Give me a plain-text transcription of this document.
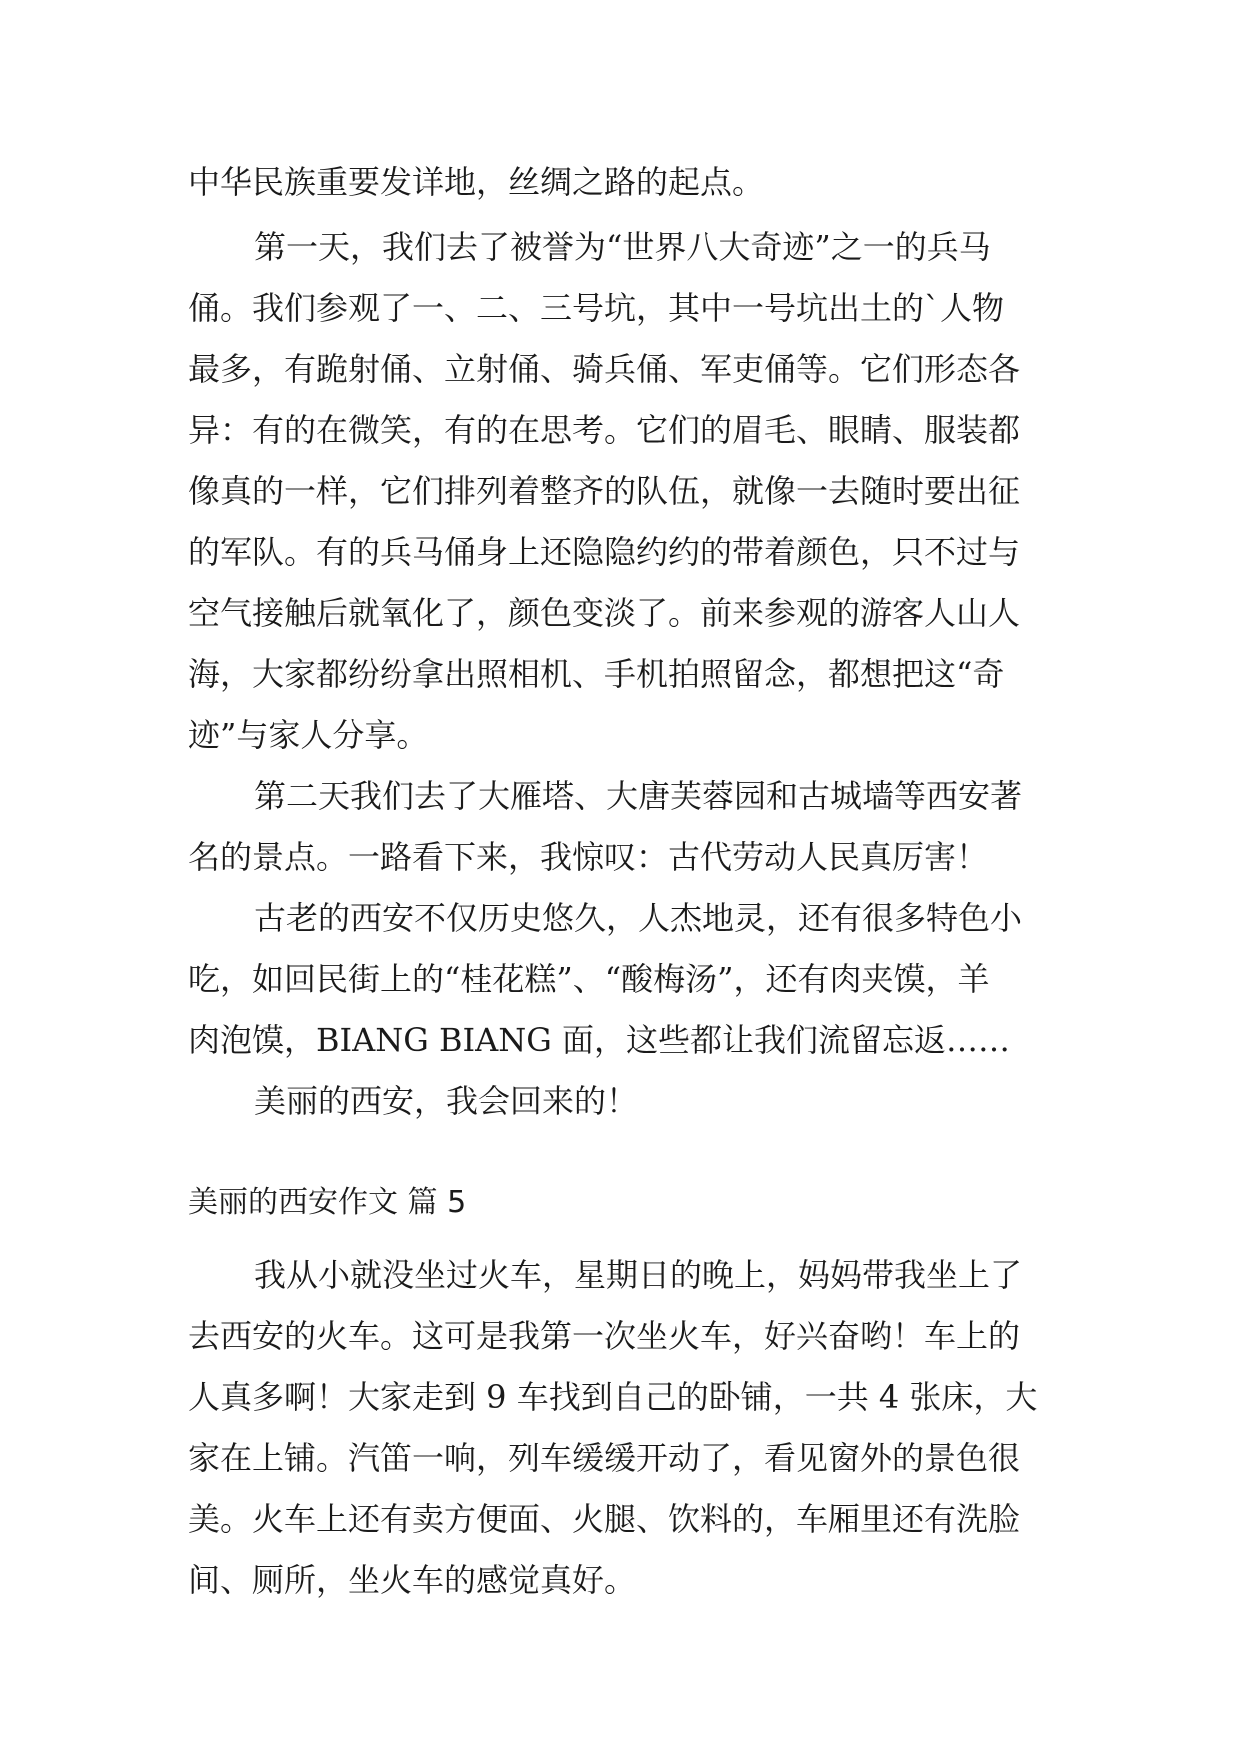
中华民族重要发详地，丝绸之路的起点。
第一天，我们去了被誉为“世界八大奇迹”之一的兵马
俑。我们参观了一、二、三号坑，其中一号坑出土的`人物
最多，有跪射俑、立射俑、骑兵俑、军吏俑等。它们形态各
异：有的在微笑，有的在思考。它们的眉毛、眼睛、服装都
像真的一样，它们排列着整齐的队伍，就像一去随时要出征
的军队。有的兵马俑身上还隐隐约约的带着颜色，只不过与
空气接触后就氧化了，颜色变淡了。前来参观的游客人山人
海，大家都纷纷拿出照相机、手机拍照留念，都想把这“奇
迹”与家人分享。
第二天我们去了大雁塔、大唐芙蓉园和古城墙等西安著
名的景点。一路看下来，我惊叹：古代劳动人民真厉害！
古老的西安不仅历史悠久，人杰地灵，还有很多特色小
吃，如回民街上的“桂花糕”、“酸梅汤”，还有肉夹馍，羊
肉泡馍，BIANG BIANG 面，这些都让我们流留忘返……
美丽的西安，我会回来的！
美丽的西安作文 篇 5
我从小就没坐过火车，星期日的晚上，妈妈带我坐上了
去西安的火车。这可是我第一次坐火车，好兴奋哟！车上的
人真多啊！大家走到 9 车找到自己的卧铺，一共 4 张床，大
家在上铺。汽笛一响，列车缓缓开动了，看见窗外的景色很
美。火车上还有卖方便面、火腿、饮料的，车厢里还有洗脸
间、厕所，坐火车的感觉真好。
